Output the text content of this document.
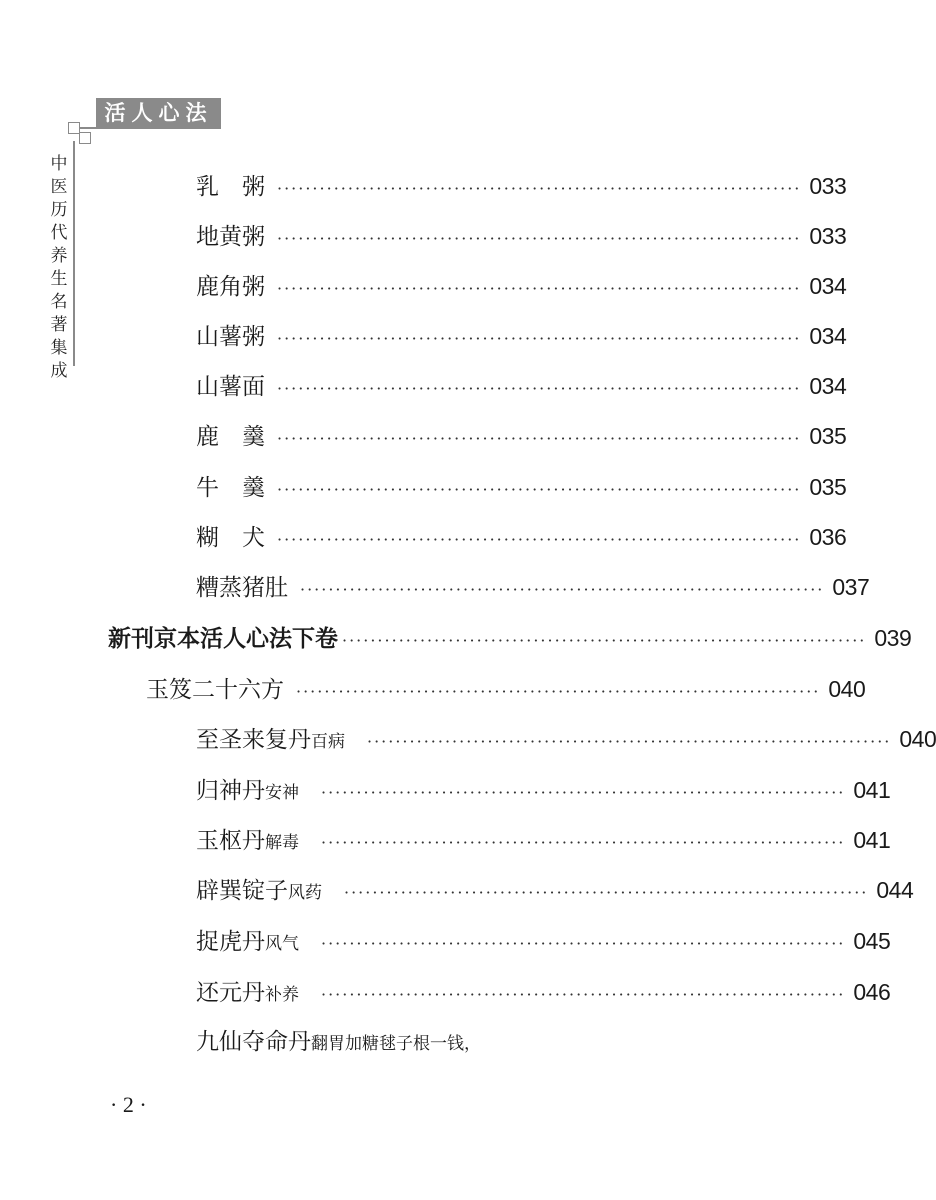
活人心法
中
医
历
代
养
生
名
著
集
成
乳　粥 ·········································································· 033
地黄粥 ·········································································· 033
鹿角粥 ·········································································· 034
山薯粥 ·········································································· 034
山薯面 ·········································································· 034
鹿　羹 ·········································································· 035
牛　羹 ·········································································· 035
糊　犬 ·········································································· 036
糟蒸猪肚 ·········································································· 037
新刊京本活人心法下卷 ·········································································· 039
玉笈二十六方 ·········································································· 040
至圣来复丹百病 ·········································································· 040
归神丹安神 ·········································································· 041
玉枢丹解毒 ·········································································· 041
辟巽锭子风药 ·········································································· 044
捉虎丹风气 ·········································································· 045
还元丹补养 ·········································································· 046
九仙夺命丹翻胃加糖毬子根一钱，
· 2 ·
